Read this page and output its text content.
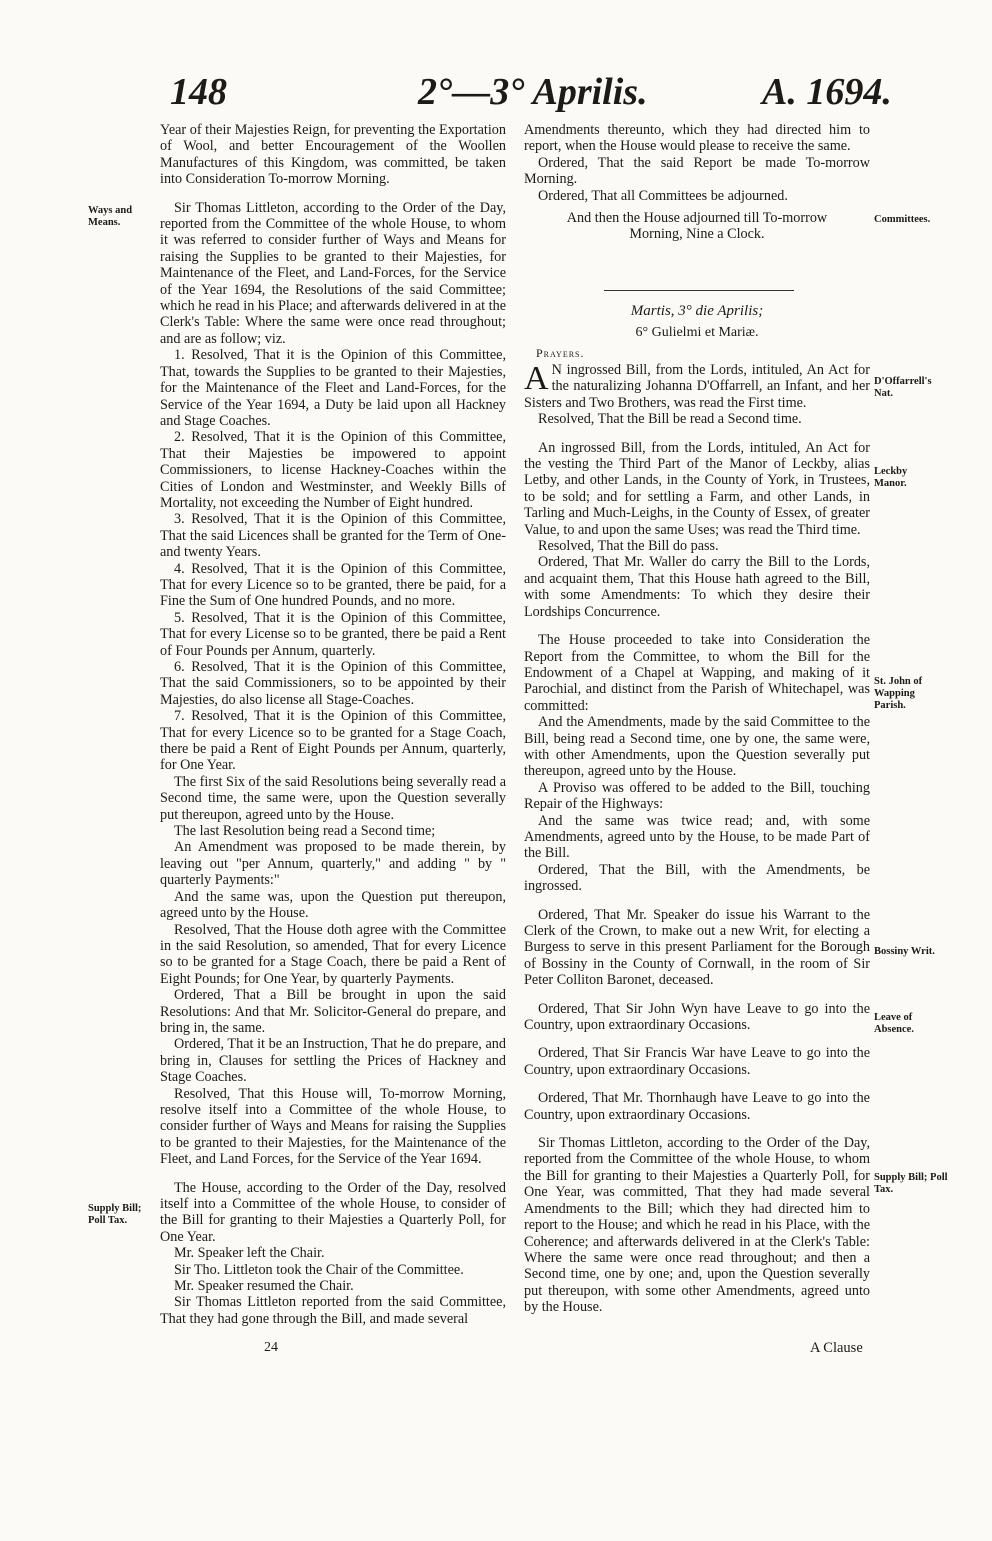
148	2°—3° Aprilis.	A. 1694.
Ways and Means.
Supply Bill; Poll Tax.
Committees.
D'Offarrell's Nat.
Leckby Manor.
St. John of Wapping Parish.
Bossiny Writ.
Leave of Absence.
Supply Bill; Poll Tax.

Year of their Majesties Reign, for preventing the Exportation of Wool, and better Encouragement of the Woollen Manufactures of this Kingdom, was committed, be taken into Consideration To-morrow Morning.

Sir Thomas Littleton, according to the Order of the Day, reported from the Committee of the whole House, to whom it was referred to consider further of Ways and Means for raising the Supplies to be granted to their Majesties, for Maintenance of the Fleet, and Land-Forces, for the Service of the Year 1694, the Resolutions of the said Committee; which he read in his Place; and afterwards delivered in at the Clerk's Table: Where the same were once read throughout; and are as follow; viz.

1. Resolved, That it is the Opinion of this Committee, That, towards the Supplies to be granted to their Majesties, for the Maintenance of the Fleet and Land-Forces, for the Service of the Year 1694, a Duty be laid upon all Hackney and Stage Coaches.

2. Resolved, That it is the Opinion of this Committee, That their Majesties be impowered to appoint Commissioners, to license Hackney-Coaches within the Cities of London and Westminster, and Weekly Bills of Mortality, not exceeding the Number of Eight hundred.

3. Resolved, That it is the Opinion of this Committee, That the said Licences shall be granted for the Term of One-and twenty Years.

4. Resolved, That it is the Opinion of this Committee, That for every Licence so to be granted, there be paid, for a Fine the Sum of One hundred Pounds, and no more.

5. Resolved, That it is the Opinion of this Committee, That for every License so to be granted, there be paid a Rent of Four Pounds per Annum, quarterly.

6. Resolved, That it is the Opinion of this Committee, That the said Commissioners, so to be appointed by their Majesties, do also license all Stage-Coaches.

7. Resolved, That it is the Opinion of this Committee, That for every Licence so to be granted for a Stage Coach, there be paid a Rent of Eight Pounds per Annum, quarterly, for One Year.

The first Six of the said Resolutions being severally read a Second time, the same were, upon the Question severally put thereupon, agreed unto by the House.

The last Resolution being read a Second time;

An Amendment was proposed to be made therein, by leaving out "per Annum, quarterly," and adding " by " quarterly Payments:"

And the same was, upon the Question put thereupon, agreed unto by the House.

Resolved, That the House doth agree with the Committee in the said Resolution, so amended, That for every Licence so to be granted for a Stage Coach, there be paid a Rent of Eight Pounds; for One Year, by quarterly Payments.

Ordered, That a Bill be brought in upon the said Resolutions: And that Mr. Solicitor-General do prepare, and bring in, the same.

Ordered, That it be an Instruction, That he do prepare, and bring in, Clauses for settling the Prices of Hackney and Stage Coaches.

Resolved, That this House will, To-morrow Morning, resolve itself into a Committee of the whole House, to consider further of Ways and Means for raising the Supplies to be granted to their Majesties, for the Maintenance of the Fleet, and Land Forces, for the Service of the Year 1694.

The House, according to the Order of the Day, resolved itself into a Committee of the whole House, to consider of the Bill for granting to their Majesties a Quarterly Poll, for One Year.

Mr. Speaker left the Chair.

Sir Tho. Littleton took the Chair of the Committee.

Mr. Speaker resumed the Chair.

Sir Thomas Littleton reported from the said Committee, That they had gone through the Bill, and made several

Amendments thereunto, which they had directed him to report, when the House would please to receive the same.

Ordered, That the said Report be made To-morrow Morning.

Ordered, That all Committees be adjourned.

And then the House adjourned till To-morrow Morning, Nine a Clock.

Martis, 3° die Aprilis;

6° Gulielmi et Mariæ.

Prayers.

A N ingrossed Bill, from the Lords, intituled, An Act for the naturalizing Johanna D'Offarrell, an Infant, and her Sisters and Two Brothers, was read the First time.

Resolved, That the Bill be read a Second time.

An ingrossed Bill, from the Lords, intituled, An Act for the vesting the Third Part of the Manor of Leckby, alias Letby, and other Lands, in the County of York, in Trustees, to be sold; and for settling a Farm, and other Lands, in Tarling and Much-Leighs, in the County of Essex, of greater Value, to and upon the same Uses; was read the Third time.

Resolved, That the Bill do pass.

Ordered, That Mr. Waller do carry the Bill to the Lords, and acquaint them, That this House hath agreed to the Bill, with some Amendments: To which they desire their Lordships Concurrence.

The House proceeded to take into Consideration the Report from the Committee, to whom the Bill for the Endowment of a Chapel at Wapping, and making of it Parochial, and distinct from the Parish of Whitechapel, was committed:

And the Amendments, made by the said Committee to the Bill, being read a Second time, one by one, the same were, with other Amendments, upon the Question severally put thereupon, agreed unto by the House.

A Proviso was offered to be added to the Bill, touching Repair of the Highways:

And the same was twice read; and, with some Amendments, agreed unto by the House, to be made Part of the Bill.

Ordered, That the Bill, with the Amendments, be ingrossed.

Ordered, That Mr. Speaker do issue his Warrant to the Clerk of the Crown, to make out a new Writ, for electing a Burgess to serve in this present Parliament for the Borough of Bossiny in the County of Cornwall, in the room of Sir Peter Colliton Baronet, deceased.

Ordered, That Sir John Wyn have Leave to go into the Country, upon extraordinary Occasions.

Ordered, That Sir Francis War have Leave to go into the Country, upon extraordinary Occasions.

Ordered, That Mr. Thornhaugh have Leave to go into the Country, upon extraordinary Occasions.

Sir Thomas Littleton, according to the Order of the Day, reported from the Committee of the whole House, to whom the Bill for granting to their Majesties a Quarterly Poll, for One Year, was committed, That they had made several Amendments to the Bill; which they had directed him to report to the House; and which he read in his Place, with the Coherence; and afterwards delivered in at the Clerk's Table: Where the same were once read throughout; and then a Second time, one by one; and, upon the Question severally put thereupon, with some other Amendments, agreed unto by the House.

24	A Clause
